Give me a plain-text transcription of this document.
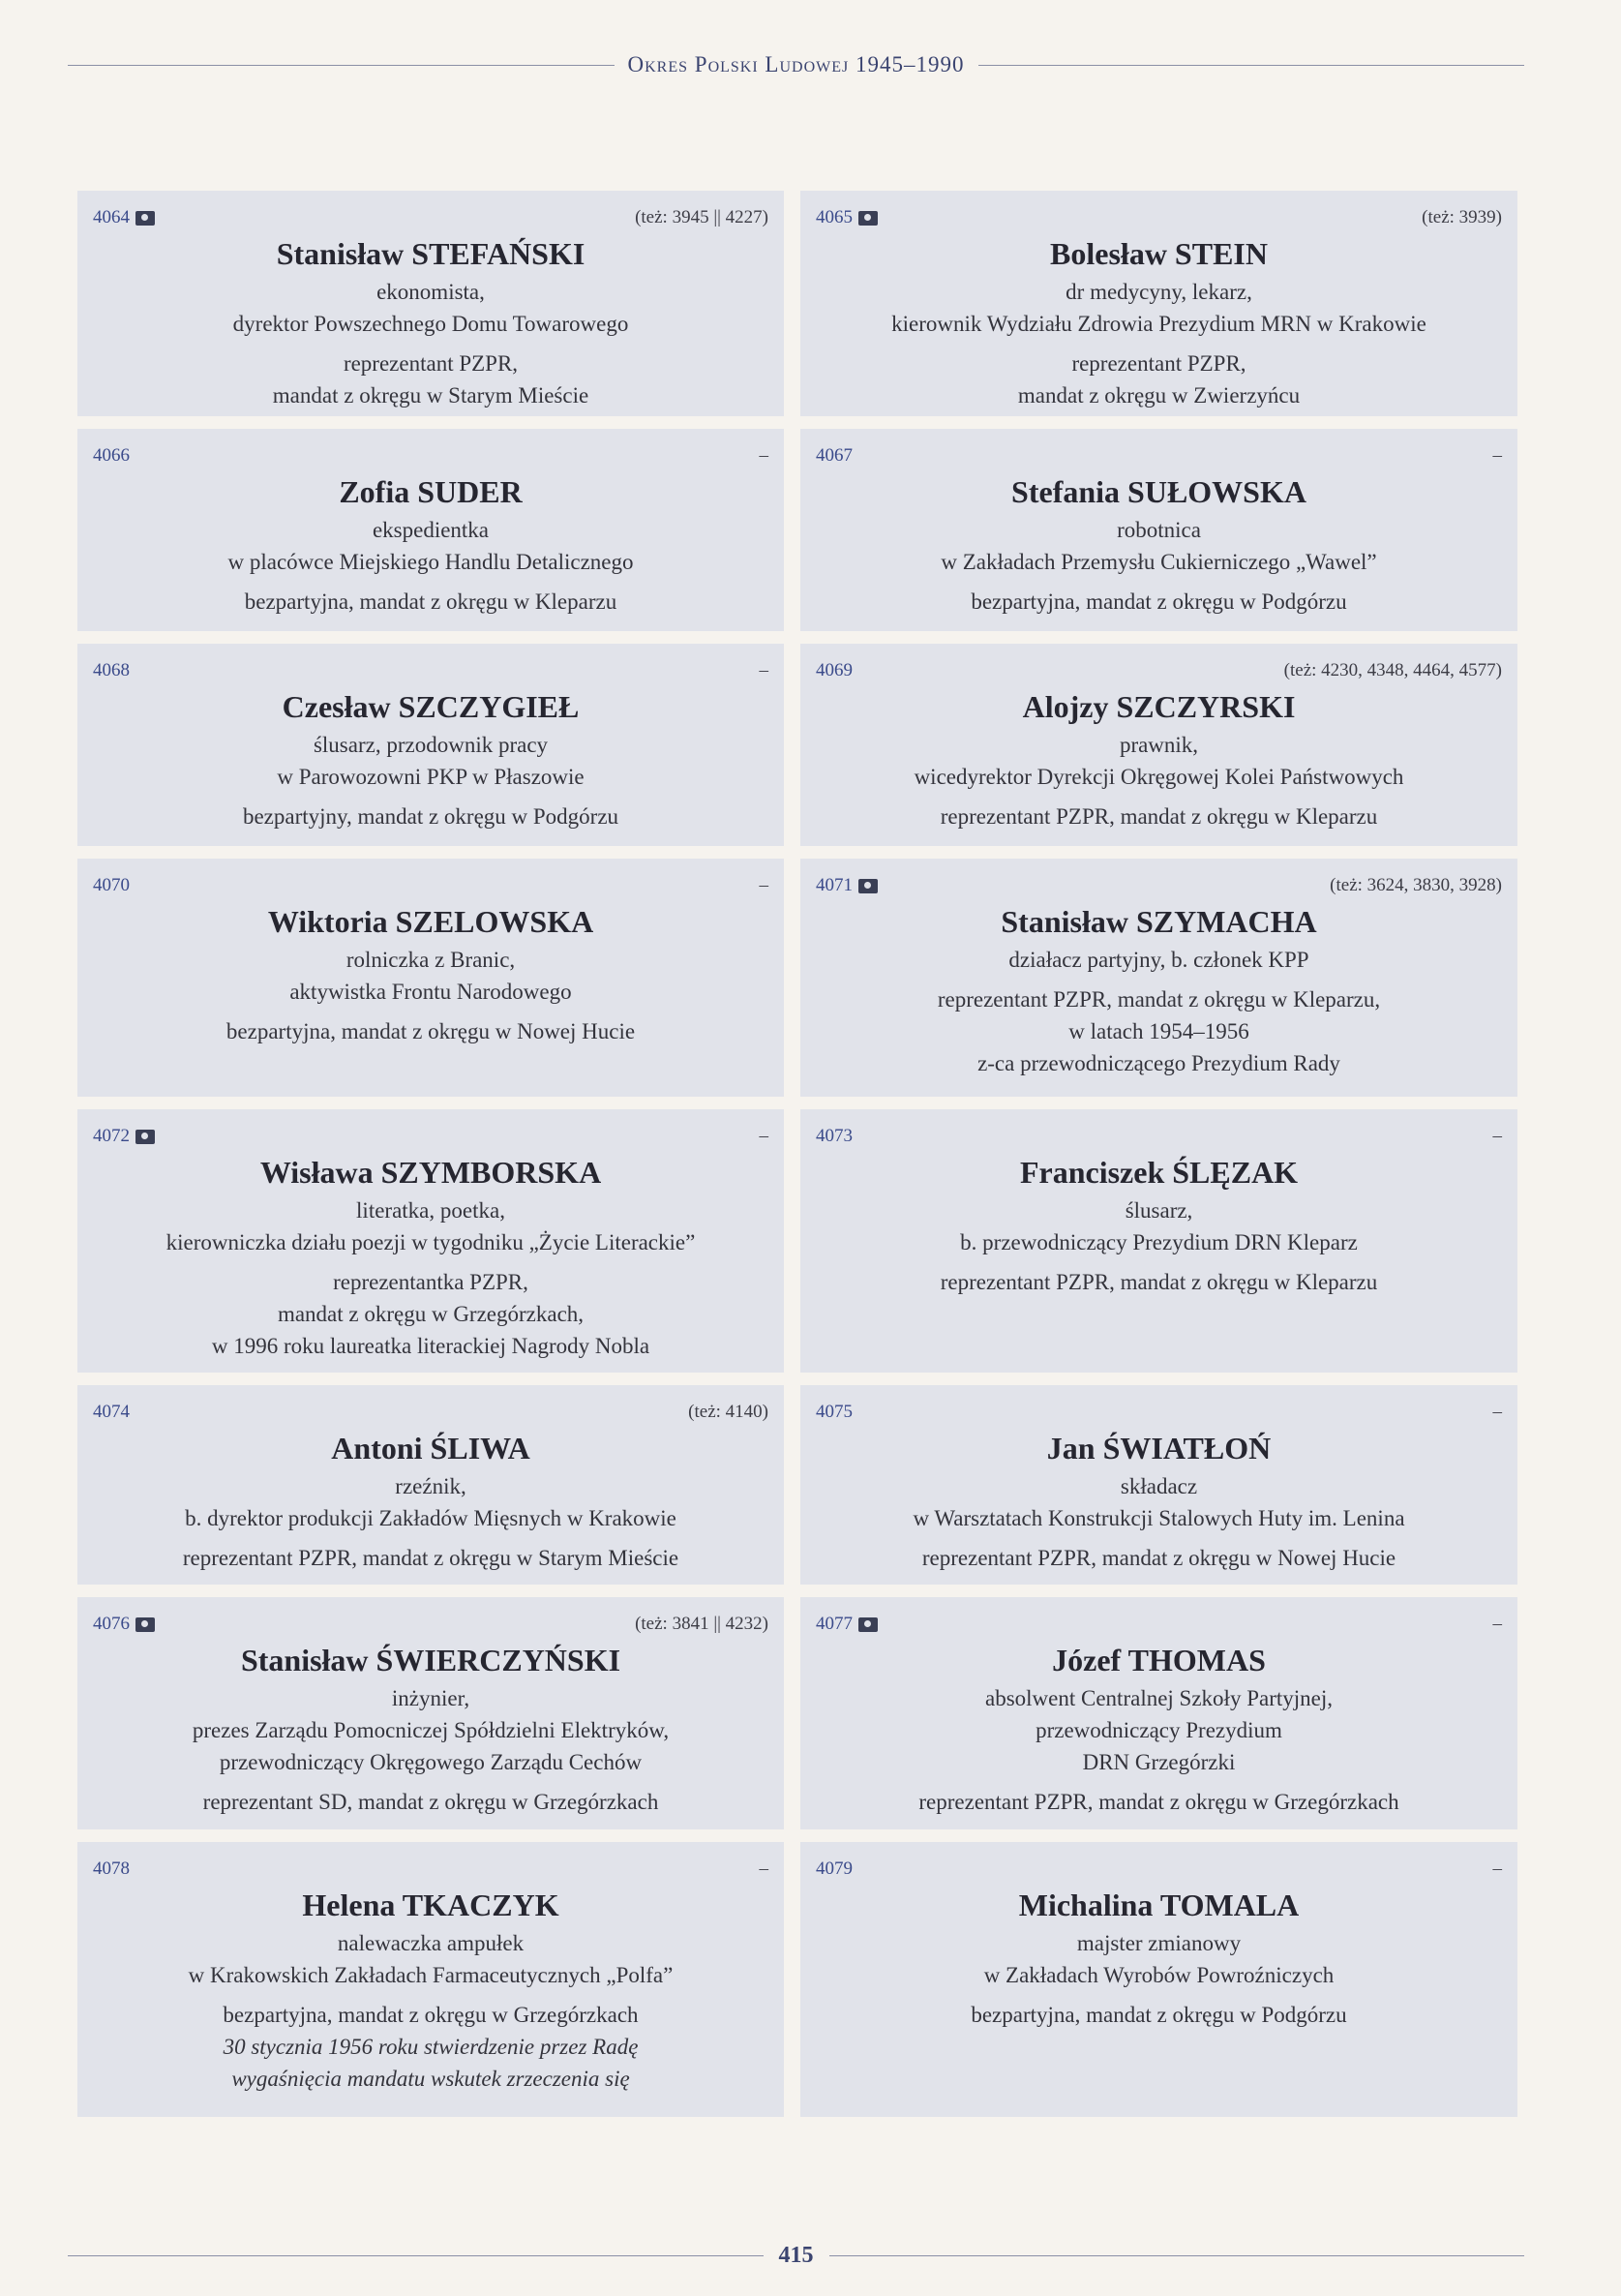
Okres Polski Ludowej 1945–1990
4064	(też: 3945 || 4227)
Stanisław STEFAŃSKI
ekonomista,
dyrektor Powszechnego Domu Towarowego
reprezentant PZPR,
mandat z okręgu w Starym Mieście
4065	(też: 3939)
Bolesław STEIN
dr medycyny, lekarz,
kierownik Wydziału Zdrowia Prezydium MRN w Krakowie
reprezentant PZPR,
mandat z okręgu w Zwierzyńcu
4066	–
Zofia SUDER
ekspedientka
w placówce Miejskiego Handlu Detalicznego
bezpartyjna, mandat z okręgu w Kleparzu
4067	–
Stefania SUŁOWSKA
robotnica
w Zakładach Przemysłu Cukierniczego „Wawel”
bezpartyjna, mandat z okręgu w Podgórzu
4068	–
Czesław SZCZYGIEŁ
ślusarz, przodownik pracy
w Parowozowni PKP w Płaszowie
bezpartyjny, mandat z okręgu w Podgórzu
4069	(też: 4230, 4348, 4464, 4577)
Alojzy SZCZYRSKI
prawnik,
wicedyrektor Dyrekcji Okręgowej Kolei Państwowych
reprezentant PZPR, mandat z okręgu w Kleparzu
4070	–
Wiktoria SZELOWSKA
rolniczka z Branic,
aktywistka Frontu Narodowego
bezpartyjna, mandat z okręgu w Nowej Hucie
4071	(też: 3624, 3830, 3928)
Stanisław SZYMACHA
działacz partyjny, b. członek KPP
reprezentant PZPR, mandat z okręgu w Kleparzu,
w latach 1954–1956
z-ca przewodniczącego Prezydium Rady
4072	–
Wisława SZYMBORSKA
literatka, poetka,
kierowniczka działu poezji w tygodniku „Życie Literackie”
reprezentantka PZPR,
mandat z okręgu w Grzegórzkach,
w 1996 roku laureatka literackiej Nagrody Nobla
4073	–
Franciszek ŚLĘZAK
ślusarz,
b. przewodniczący Prezydium DRN Kleparz
reprezentant PZPR, mandat z okręgu w Kleparzu
4074	(też: 4140)
Antoni ŚLIWA
rzeźnik,
b. dyrektor produkcji Zakładów Mięsnych w Krakowie
reprezentant PZPR, mandat z okręgu w Starym Mieście
4075	–
Jan ŚWIATŁOŃ
składacz
w Warsztatach Konstrukcji Stalowych Huty im. Lenina
reprezentant PZPR, mandat z okręgu w Nowej Hucie
4076	(też: 3841 || 4232)
Stanisław ŚWIERCZYŃSKI
inżynier,
prezes Zarządu Pomocniczej Spółdzielni Elektryków,
przewodniczący Okręgowego Zarządu Cechów
reprezentant SD, mandat z okręgu w Grzegórzkach
4077	–
Józef THOMAS
absolwent Centralnej Szkoły Partyjnej,
przewodniczący Prezydium
DRN Grzegórzki
reprezentant PZPR, mandat z okręgu w Grzegórzkach
4078	–
Helena TKACZYK
nalewaczka ampułek
w Krakowskich Zakładach Farmaceutycznych „Polfa”
bezpartyjna, mandat z okręgu w Grzegórzkach
30 stycznia 1956 roku stwierdzenie przez Radę
wygaśnięcia mandatu wskutek zrzeczenia się
4079	–
Michalina TOMALA
majster zmianowy
w Zakładach Wyrobów Powroźniczych
bezpartyjna, mandat z okręgu w Podgórzu
415
